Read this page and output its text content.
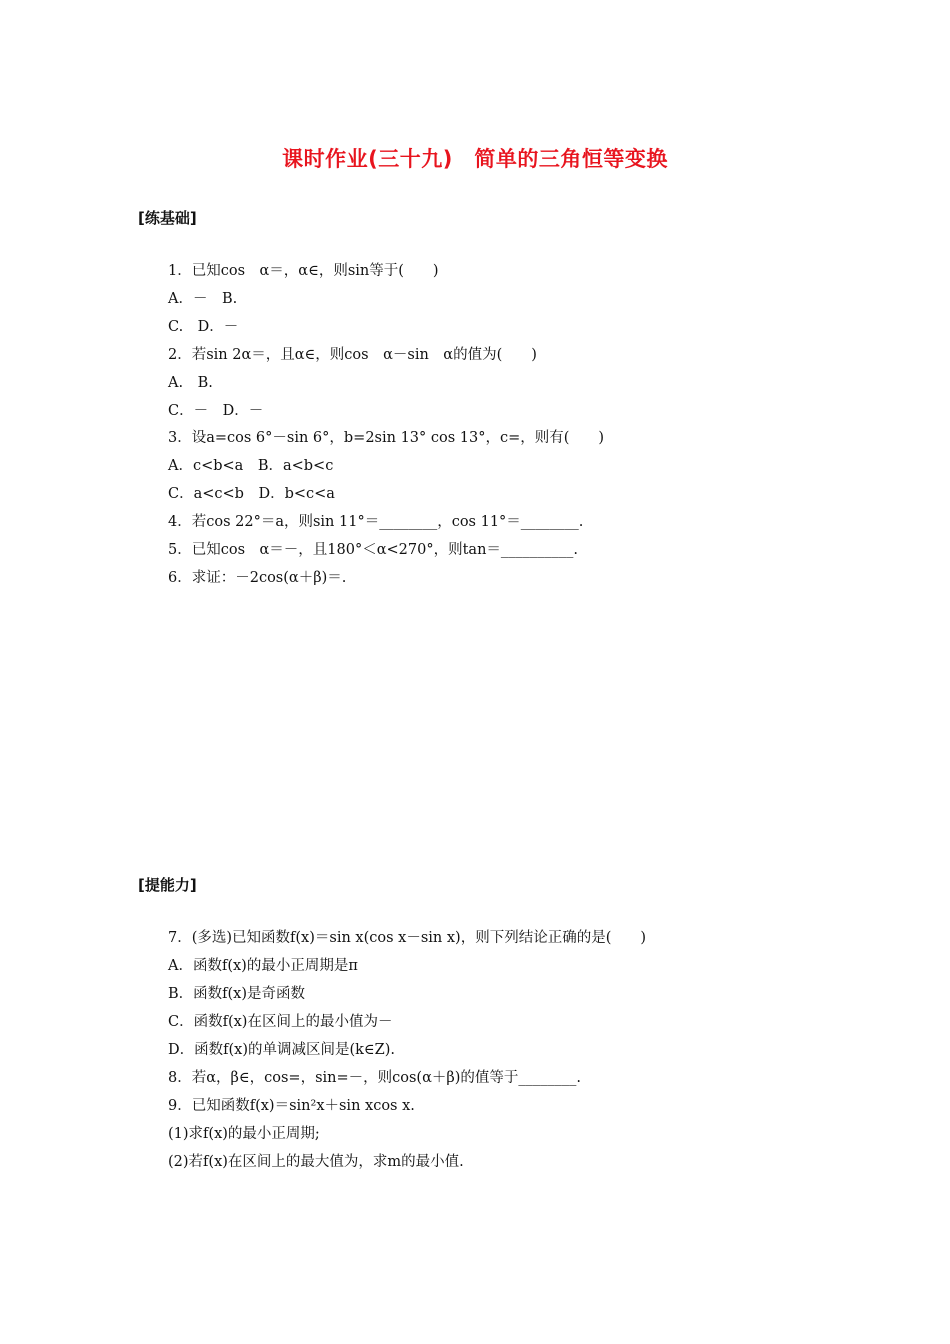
课时作业(三十九)　简单的三角恒等变换
[练基础]
1．已知cos　α＝，α∈，则sin等于(　　)
A．－　B.
C.　D．－
2．若sin 2α＝，且α∈，则cos　α－sin　α的值为(　　)
A.　B.
C．－　D．－
3．设a=cos 6°－sin 6°，b=2sin 13° cos 13°，c=，则有(　　)
A．c<b<a　B．a<b<c
C．a<c<b　D．b<c<a
4．若cos 22°＝a，则sin 11°＝________，cos 11°＝________.
5．已知cos　α＝－，且180°＜α<270°，则tan＝__________.
6．求证：－2cos(α＋β)＝.
[提能力]
7．(多选)已知函数f(x)＝sin x(cos x－sin x)，则下列结论正确的是(　　)
A．函数f(x)的最小正周期是π
B．函数f(x)是奇函数
C．函数f(x)在区间上的最小值为－
D．函数f(x)的单调减区间是(k∈Z).
8．若α，β∈，cos=，sin=－，则cos(α＋β)的值等于________.
9．已知函数f(x)＝sin²x＋sin xcos x.
(1)求f(x)的最小正周期;
(2)若f(x)在区间上的最大值为，求m的最小值.
